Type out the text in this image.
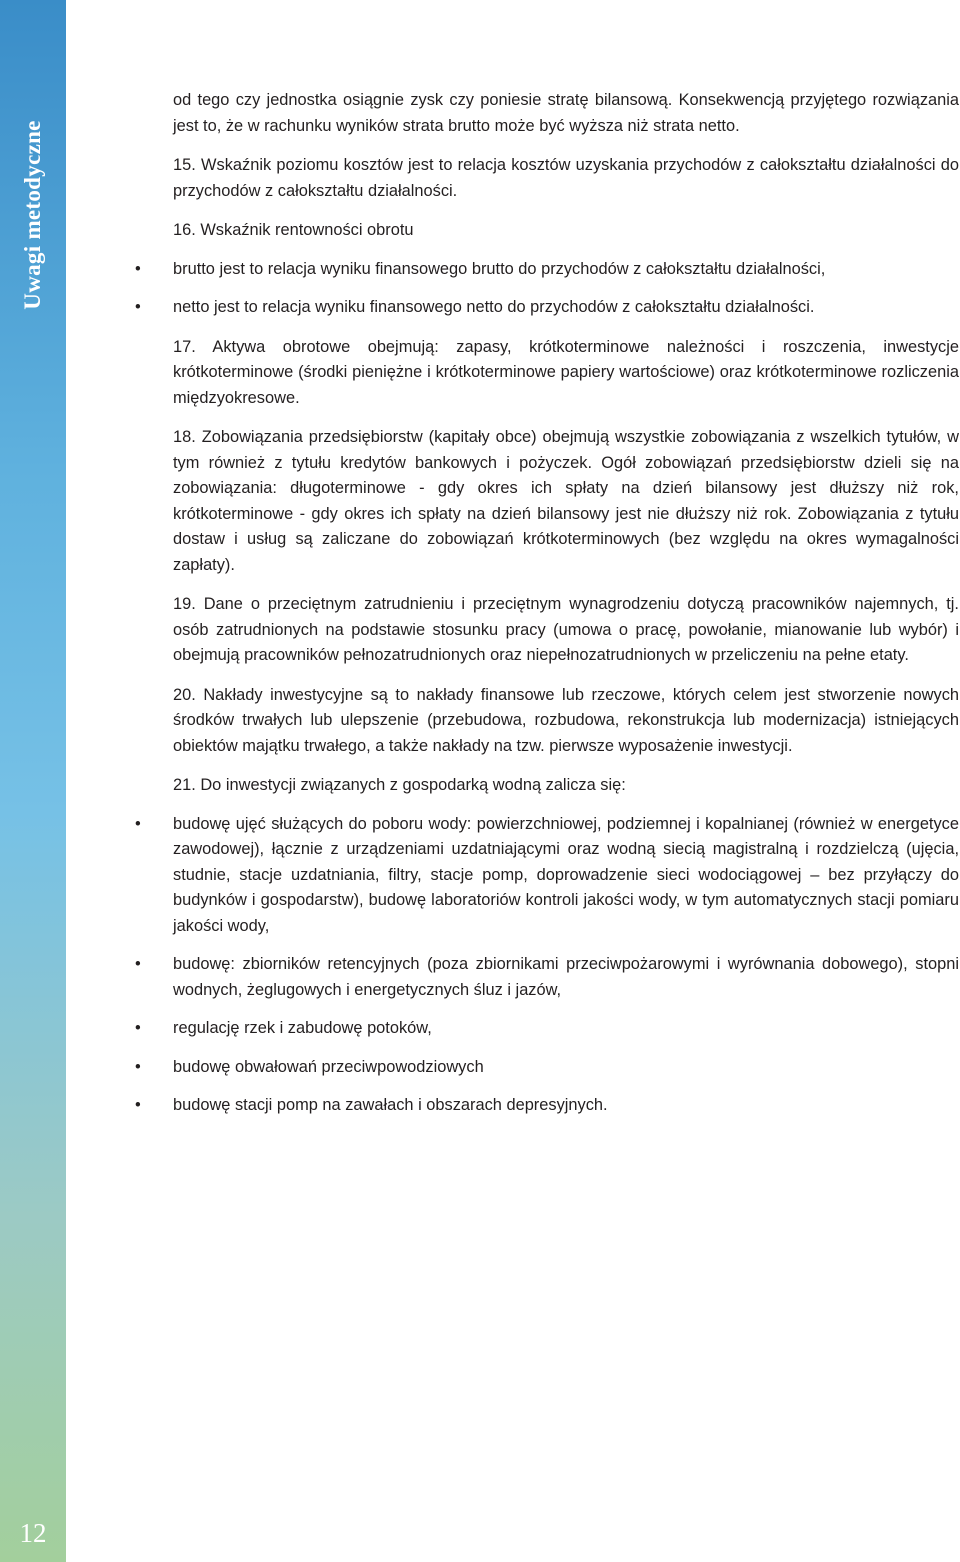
Uwagi metodyczne
12

od tego czy jednostka osiągnie zysk czy poniesie stratę bilansową. Konsekwencją przyjętego rozwiązania jest to, że w rachunku wyników strata brutto może być wyższa niż strata netto.

15. Wskaźnik poziomu kosztów jest to relacja kosztów uzyskania przychodów z całokształtu działalności do przychodów z całokształtu działalności.

16. Wskaźnik rentowności obrotu

• brutto jest to relacja wyniku finansowego brutto do przychodów z całokształtu działalności,
• netto jest to relacja wyniku finansowego netto do przychodów z całokształtu działalności.

17. Aktywa obrotowe obejmują: zapasy, krótkoterminowe należności i roszczenia, inwestycje krótkoterminowe (środki pieniężne i krótkoterminowe papiery wartościowe) oraz krótkoterminowe rozliczenia międzyokresowe.

18. Zobowiązania przedsiębiorstw (kapitały obce) obejmują wszystkie zobowiązania z wszelkich tytułów, w tym również z tytułu kredytów bankowych i pożyczek. Ogół zobowiązań przedsiębiorstw dzieli się na zobowiązania: długoterminowe - gdy okres ich spłaty na dzień bilansowy jest dłuższy niż rok, krótkoterminowe - gdy okres ich spłaty na dzień bilansowy jest nie dłuższy niż rok. Zobowiązania z tytułu dostaw i usług są zaliczane do zobowiązań krótkoterminowych (bez względu na okres wymagalności zapłaty).

19. Dane o przeciętnym zatrudnieniu i przeciętnym wynagrodzeniu dotyczą pracowników najemnych, tj. osób zatrudnionych na podstawie stosunku pracy (umowa o pracę, powołanie, mianowanie lub wybór) i obejmują pracowników pełnozatrudnionych oraz niepełnozatrudnionych w przeliczeniu na pełne etaty.

20. Nakłady inwestycyjne są to nakłady finansowe lub rzeczowe, których celem jest stworzenie nowych środków trwałych lub ulepszenie (przebudowa, rozbudowa, rekonstrukcja lub modernizacja) istniejących obiektów majątku trwałego, a także nakłady na tzw. pierwsze wyposażenie inwestycji.

21. Do inwestycji związanych z gospodarką wodną zalicza się:

• budowę ujęć służących do poboru wody: powierzchniowej, podziemnej i kopalnianej (również w energetyce zawodowej), łącznie z urządzeniami uzdatniającymi oraz wodną siecią magistralną i rozdzielczą (ujęcia, studnie, stacje uzdatniania, filtry, stacje pomp, doprowadzenie sieci wodociągowej – bez przyłączy do budynków i gospodarstw), budowę laboratoriów kontroli jakości wody, w tym automatycznych stacji pomiaru jakości wody,
• budowę: zbiorników retencyjnych (poza zbiornikami przeciwpożarowymi i wyrównania dobowego), stopni wodnych, żeglugowych i energetycznych śluz i jazów,
• regulację rzek i zabudowę potoków,
• budowę obwałowań przeciwpowodziowych
• budowę stacji pomp na zawałach i obszarach depresyjnych.
